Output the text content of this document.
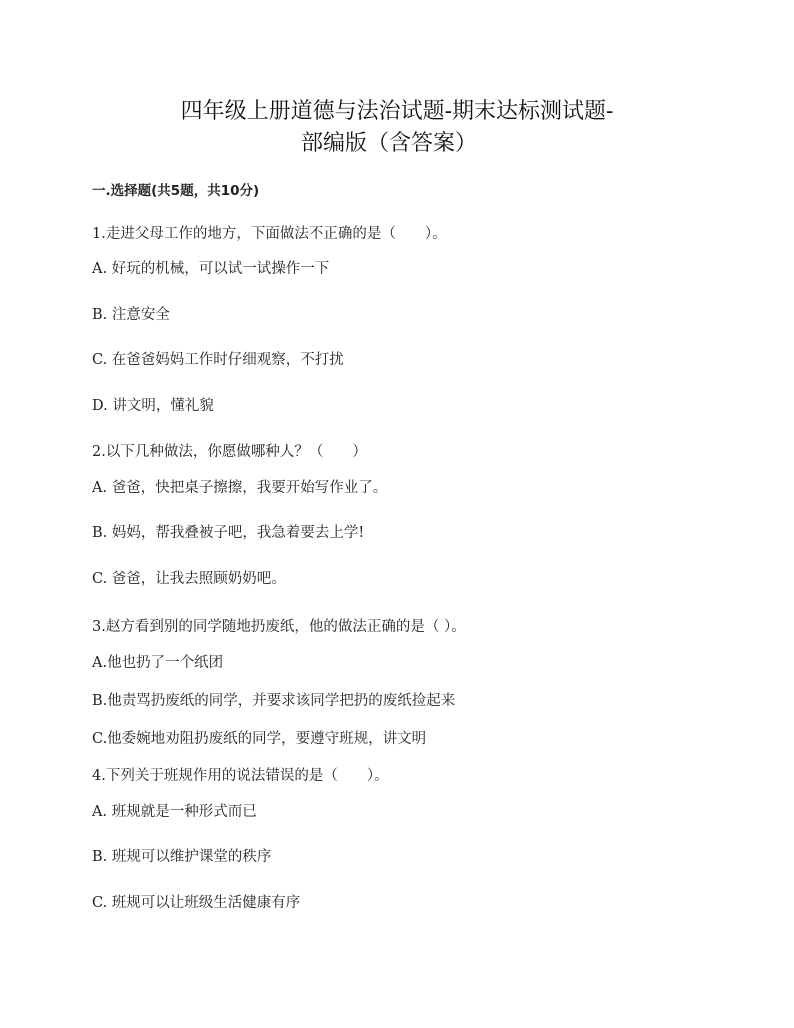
四年级上册道德与法治试题-期末达标测试题-
部编版（含答案）
一.选择题(共5题，共10分)
1.走进父母工作的地方，下面做法不正确的是（　　）。
A. 好玩的机械，可以试一试操作一下
B. 注意安全
C. 在爸爸妈妈工作时仔细观察，不打扰
D. 讲文明，懂礼貌
2.以下几种做法，你愿做哪种人？（　　）
A. 爸爸，快把桌子擦擦，我要开始写作业了。
B. 妈妈，帮我叠被子吧，我急着要去上学!
C. 爸爸，让我去照顾奶奶吧。
3.赵方看到别的同学随地扔废纸，他的做法正确的是（ ）。
A.他也扔了一个纸团
B.他责骂扔废纸的同学，并要求该同学把扔的废纸捡起来
C.他委婉地劝阻扔废纸的同学，要遵守班规，讲文明
4.下列关于班规作用的说法错误的是（　　）。
A. 班规就是一种形式而已
B. 班规可以维护课堂的秩序
C. 班规可以让班级生活健康有序
